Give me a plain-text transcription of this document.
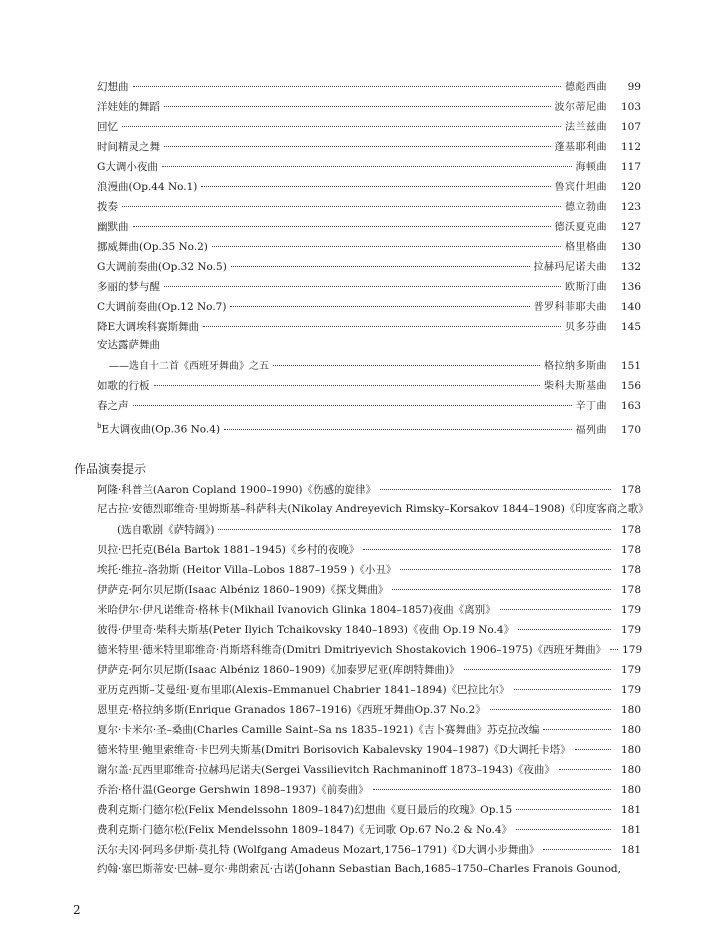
幻想曲	德彪西曲	99
洋娃娃的舞蹈	波尔蒂尼曲	103
回忆	法兰兹曲	107
时间精灵之舞	蓬基耶利曲	112
G大调小夜曲	海顿曲	117
浪漫曲(Op.44 No.1)	鲁宾什坦曲	120
拨奏	德立勃曲	123
幽默曲	德沃夏克曲	127
挪威舞曲(Op.35 No.2)	格里格曲	130
G大调前奏曲(Op.32 No.5)	拉赫玛尼诺夫曲	132
多丽的梦与醒	欧斯汀曲	136
C大调前奏曲(Op.12 No.7)	普罗科菲耶夫曲	140
降E大调埃科赛斯舞曲	贝多芬曲	145
安达露萨舞曲
——选自十二首《西班牙舞曲》之五	格拉纳多斯曲	151
如歌的行板	柴科夫斯基曲	156
春之声	辛丁曲	163
$^b$E大调夜曲(Op.36 No.4)	福列曲	170
作品演奏提示
阿隆·科普兰(Aaron Copland 1900–1990)《伤感的旋律》	178
尼古拉·安德烈耶维奇·里姆斯基–科萨科夫(Nikolay Andreyevich Rimsky–Korsakov 1844–1908)《印度客商之歌》
(选自歌剧《萨特阔》)	178
贝拉·巴托克(Béla Bartok 1881–1945)《乡村的夜晚》	178
埃托·维拉–洛勃斯 (Heitor Villa–Lobos 1887–1959 )《小丑》	178
伊萨克·阿尔贝尼斯(Isaac Albéniz 1860–1909)《探戈舞曲》	178
米哈伊尔·伊凡诺维奇·格林卡(Mikhail Ivanovich Glinka 1804–1857)夜曲《离别》	179
彼得·伊里奇·柴科夫斯基(Peter Ilyich Tchaikovsky 1840–1893)《夜曲 Op.19 No.4》	179
德米特里·德米特里耶维奇·肖斯塔科维奇(Dmitri Dmitriyevich Shostakovich 1906–1975)《西班牙舞曲》 179
伊萨克·阿尔贝尼斯(Isaac Albéniz 1860–1909)《加泰罗尼亚(库朗特舞曲)》	179
亚历克西斯–艾曼纽·夏布里耶(Alexis–Emmanuel Chabrier 1841–1894)《巴拉比尔》	179
恩里克·格拉纳多斯(Enrique Granados 1867–1916)《西班牙舞曲Op.37 No.2》	180
夏尔·卡米尔·圣–桑曲(Charles Camille Saint–Sa ns 1835–1921)《吉卜赛舞曲》苏克拉改编	180
德米特里·鲍里索维奇·卡巴列夫斯基(Dmitri Borisovich Kabalevsky 1904–1987)《D大调托卡塔》	180
谢尔盖·瓦西里耶维奇·拉赫玛尼诺夫(Sergei Vassilievitch Rachmaninoff 1873–1943)《夜曲》	180
乔治·格什温(George Gershwin 1898–1937)《前奏曲》	180
费利克斯·门德尔松(Felix Mendelssohn 1809–1847)幻想曲《夏日最后的玫瑰》Op.15	181
费利克斯·门德尔松(Felix Mendelssohn 1809–1847)《无词歌 Op.67 No.2 & No.4》	181
沃尔夫冈·阿玛多伊斯·莫扎特 (Wolfgang Amadeus Mozart,1756–1791)《D大调小步舞曲》	181
约翰·塞巴斯蒂安·巴赫–夏尔·弗朗索瓦·古诺(Johann Sebastian Bach,1685–1750–Charles Franois Gounod,
2
